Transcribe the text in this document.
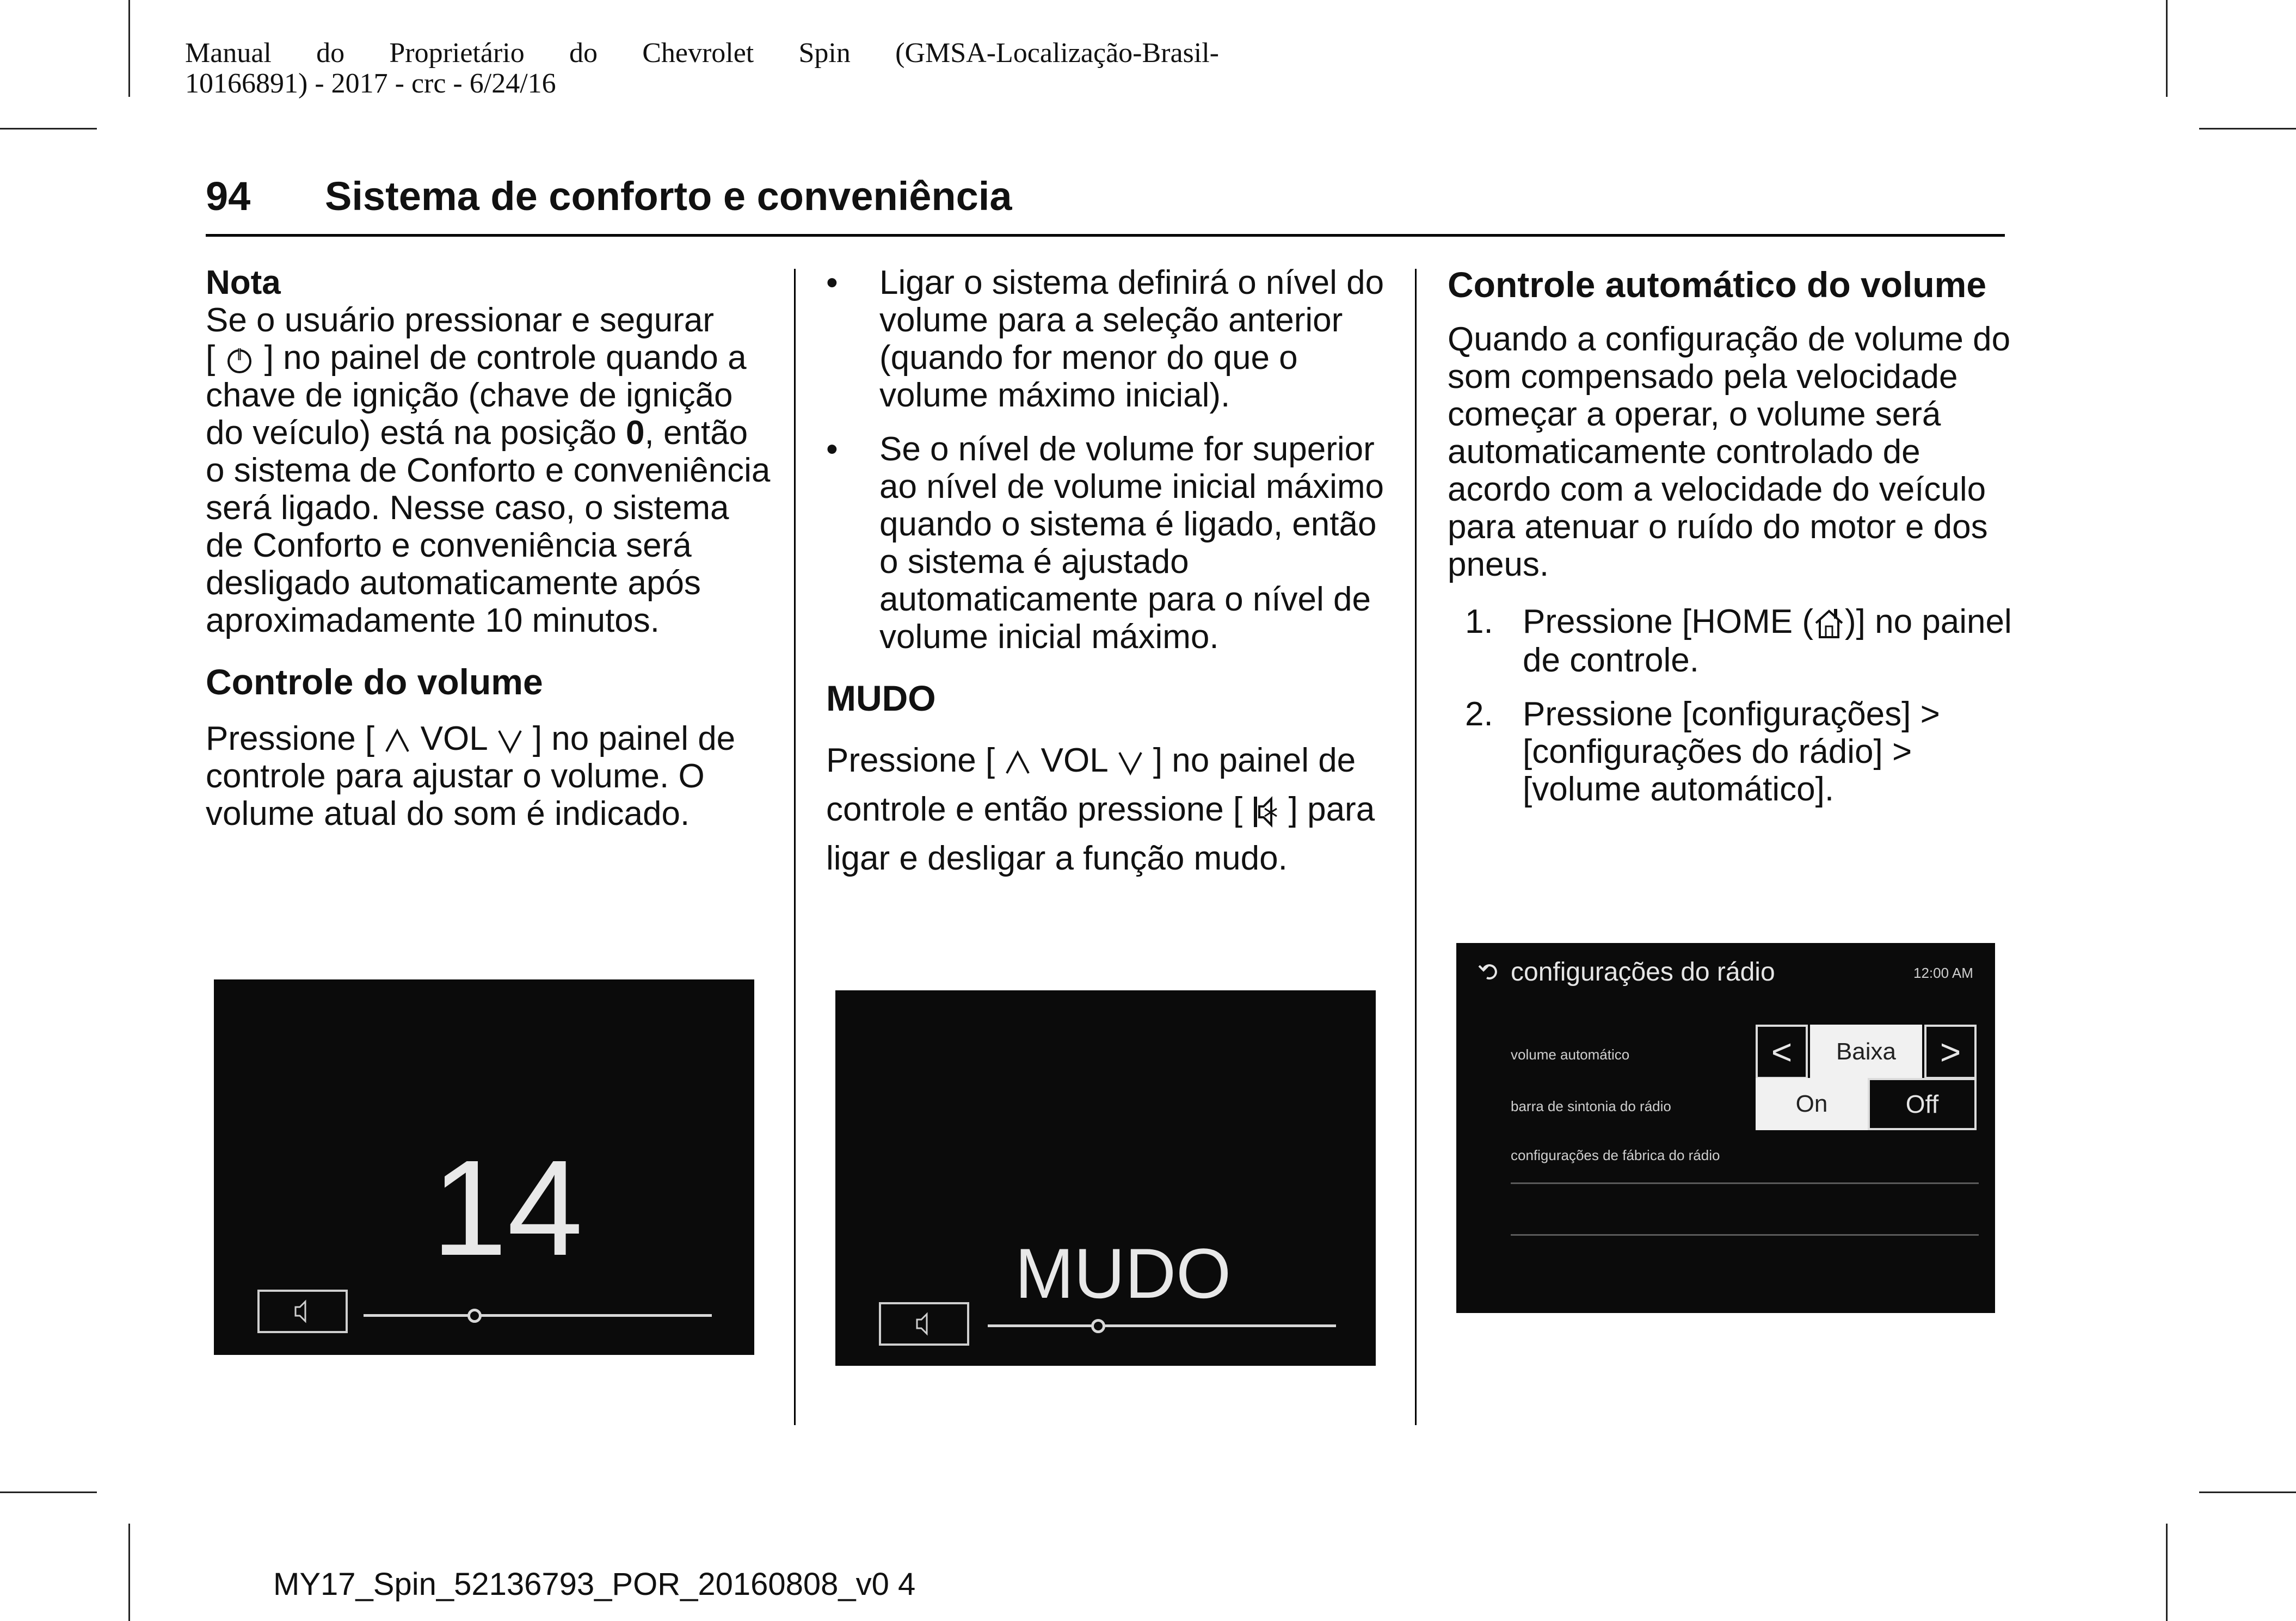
Manual do Proprietário do Chevrolet Spin (GMSA-Localização-Brasil-
10166891) - 2017 - crc - 6/24/16
94 Sistema de conforto e conveniência

Nota

Se o usuário pressionar e segurar
[ ] no painel de controle quando a chave de ignição (chave de ignição do veículo) está na posição 0, então o sistema de Conforto e conveniência será ligado. Nesse caso, o sistema de Conforto e conveniência será desligado automaticamente após aproximadamente 10 minutos.

Controle do volume

Pressione [ VOL ] no painel de controle para ajustar o volume. O volume atual do som é indicado.

14
• Ligar o sistema definirá o nível do volume para a seleção anterior (quando for menor do que o volume máximo inicial).
• Se o nível de volume for superior ao nível de volume inicial máximo quando o sistema é ligado, então o sistema é ajustado automaticamente para o nível de volume inicial máximo.
MUDO

Pressione [ VOL ] no painel de controle e então pressione [ ] para ligar e desligar a função mudo.

MUDO
Controle automático do volume

Quando a configuração de volume do som compensado pela velocidade começar a operar, o volume será automaticamente controlado de acordo com a velocidade do veículo para atenuar o ruído do motor e dos pneus.

1. Pressione [HOME ( )] no painel de controle.
2. Pressione [configurações] > [configurações do rádio] > [volume automático].
configurações do rádio	12:00 AM
volume automático	<	Baixa	>
barra de sintonia do rádio	On	Off
configurações de fábrica do rádio
MY17_Spin_52136793_POR_20160808_v0 4
